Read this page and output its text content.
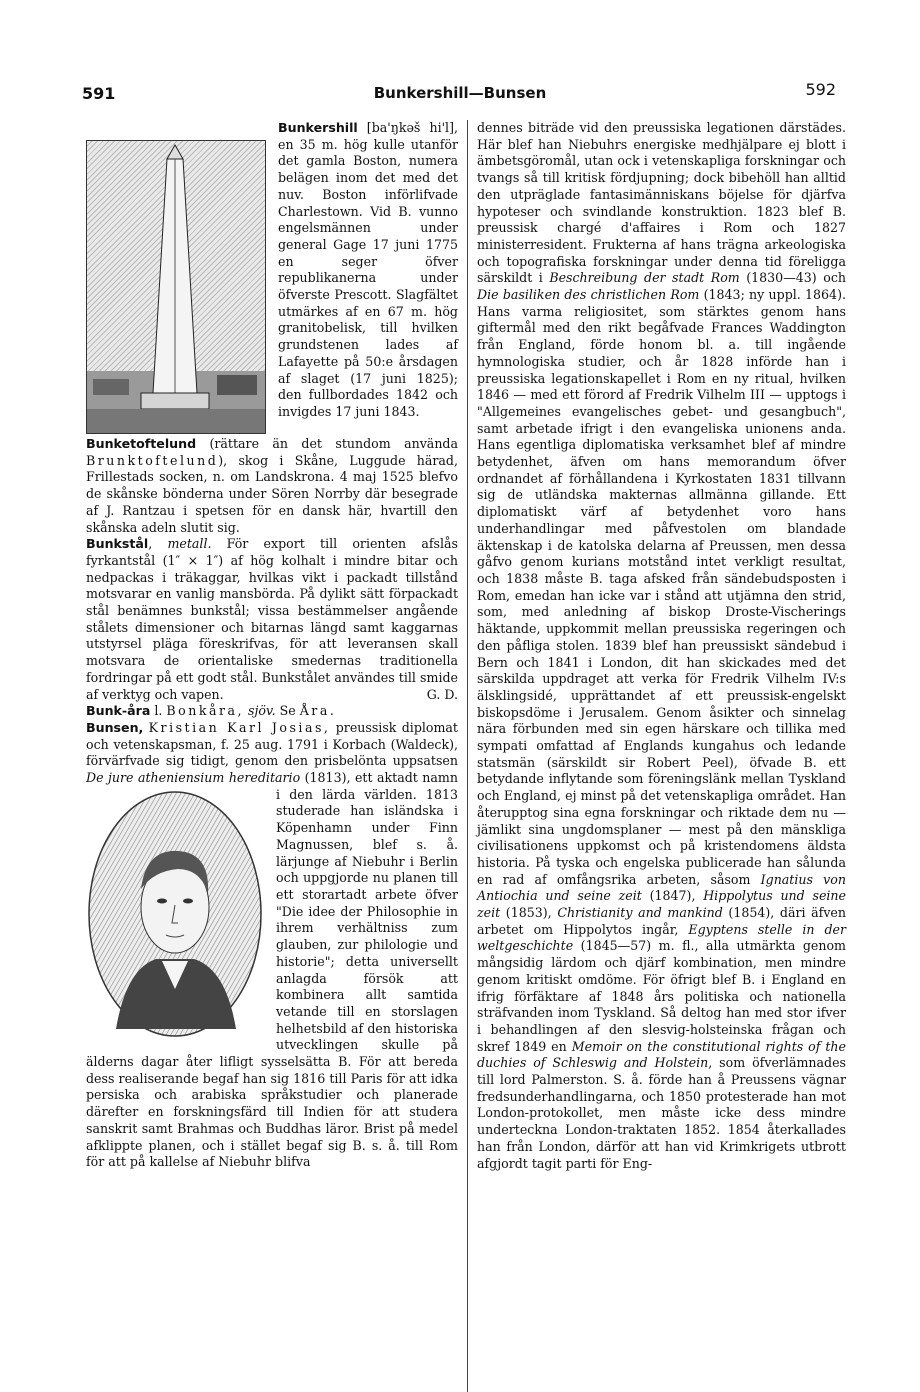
591	Bunkershill—Bunsen	592
Bunkershill [ba'ŋkəš hi'l], en 35 m. hög kulle utanför det gamla Boston, numera belägen inom det med det nuv. Boston införlifvade Charlestown. Vid B. vunno engelsmännen under general Gage 17 juni 1775 en seger öfver republikanerna under öfverste Prescott. Slagfältet utmärkes af en 67 m. hög granitobelisk, till hvilken grundstenen lades af Lafayette på 50:e årsdagen af slaget (17 juni 1825); den fullbordades 1842 och invigdes 17 juni 1843.
Bunketoftelund (rättare än det stundom använda Brunktoftelund), skog i Skåne, Luggude härad, Frillestads socken, n. om Landskrona. 4 maj 1525 blefvo de skånske bönderna under Sören Norrby där besegrade af J. Rantzau i spetsen för en dansk här, hvartill den skånska adeln slutit sig.
Bunkstål, metall. För export till orienten afslås fyrkantstål (1″ × 1″) af hög kolhalt i mindre bitar och nedpackas i träkaggar, hvilkas vikt i packadt tillstånd motsvarar en vanlig mansbörda. På dylikt sätt förpackadt stål benämnes bunkstål; vissa bestämmelser angående stålets dimensioner och bitarnas längd samt kaggarnas utstyrsel pläga föreskrifvas, för att leveransen skall motsvara de orientaliske smedernas traditionella fordringar på ett godt stål. Bunkstålet användes till smide af verktyg och vapen.	G. D.
Bunk-åra l. Bonkåra, sjöv. Se Åra.
Bunsen, Kristian Karl Josias, preussisk diplomat och vetenskapsman, f. 25 aug. 1791 i Korbach (Waldeck), förvärfvade sig tidigt, genom den prisbelönta uppsatsen De jure atheniensium hereditario
(1813), ett aktadt namn i den lärda världen. 1813 studerade han isländska i Köpenhamn under Finn Magnussen, blef s. å. lärjunge af Niebuhr i Berlin och uppgjorde nu planen till ett storartadt arbete öfver "Die idee der Philosophie in ihrem verhältniss zum glauben, zur philologie und historie"; detta universellt anlagda försök att kombinera allt samtida vetande till en storslagen helhetsbild af den historiska utvecklingen skulle på älderns dagar åter lifligt sysselsätta B. För att bereda dess realiserande begaf han sig 1816 till Paris för att idka persiska och arabiska språkstudier och planerade därefter en forskningsfärd till Indien för att studera sanskrit samt Brahmas och Buddhas läror. Brist på medel afklippte planen, och i stället begaf sig B. s. å. till Rom för att på kallelse af Niebuhr blifva
dennes biträde vid den preussiska legationen därstädes. Här blef han Niebuhrs energiske medhjälpare ej blott i ämbetsgöromål, utan ock i vetenskapliga forskningar och tvangs så till kritisk fördjupning; dock bibehöll han alltid den utpräglade fantasimänniskans böjelse för djärfva hypoteser och svindlande konstruktion. 1823 blef B. preussisk chargé d'affaires i Rom och 1827 ministerresident. Frukterna af hans trägna arkeologiska och topografiska forskningar under denna tid föreligga särskildt i Beschreibung der stadt Rom (1830—43) och Die basiliken des christlichen Rom (1843; ny uppl. 1864). Hans varma religiositet, som stärktes genom hans giftermål med den rikt begåfvade Frances Waddington från England, förde honom bl. a. till ingående hymnologiska studier, och år 1828 införde han i preussiska legationskapellet i Rom en ny ritual, hvilken 1846 — med ett förord af Fredrik Vilhelm III — upptogs i "Allgemeines evangelisches gebet- und gesangbuch", samt arbetade ifrigt i den evangeliska unionens anda. Hans egentliga diplomatiska verksamhet blef af mindre betydenhet, äfven om hans memorandum öfver ordnandet af förhållandena i Kyrkostaten 1831 tillvann sig de utländska makternas allmänna gillande. Ett diplomatiskt värf af betydenhet voro hans underhandlingar med påfvestolen om blandade äktenskap i de katolska delarna af Preussen, men dessa gåfvo genom kurians motstånd intet verkligt resultat, och 1838 måste B. taga afsked från sändebudsposten i Rom, emedan han icke var i stånd att utjämna den strid, som, med anledning af biskop Droste-Vischerings häktande, uppkommit mellan preussiska regeringen och den påfliga stolen. 1839 blef han preussiskt sändebud i Bern och 1841 i London, dit han skickades med det särskilda uppdraget att verka för Fredrik Vilhelm IV:s älsklingsidé, upprättandet af ett preussisk-engelskt biskopsdöme i Jerusalem. Genom åsikter och sinnelag nära förbunden med sin egen härskare och tillika med sympati omfattad af Englands kungahus och ledande statsmän (särskildt sir Robert Peel), öfvade B. ett betydande inflytande som föreningslänk mellan Tyskland och England, ej minst på det vetenskapliga området. Han återupptog sina egna forskningar och riktade dem nu — jämlikt sina ungdomsplaner — mest på den mänskliga civilisationens uppkomst och på kristendomens äldsta historia. På tyska och engelska publicerade han sålunda en rad af omfångsrika arbeten, såsom Ignatius von Antiochia und seine zeit (1847), Hippolytus und seine zeit (1853), Christianity and mankind (1854), däri äfven arbetet om Hippolytos ingår, Egyptens stelle in der weltgeschichte (1845—57) m. fl., alla utmärkta genom mångsidig lärdom och djärf kombination, men mindre genom kritiskt omdöme. För öfrigt blef B. i England en ifrig förfäktare af 1848 års politiska och nationella sträfvanden inom Tyskland. Så deltog han med stor ifver i behandlingen af den slesvig-holsteinska frågan och skref 1849 en Memoir on the constitutional rights of the duchies of Schleswig and Holstein, som öfverlämnades till lord Palmerston. S. å. förde han å Preussens vägnar fredsunderhandlingarna, och 1850 protesterade han mot London-protokollet, men måste icke dess mindre underteckna London-traktaten 1852. 1854 återkallades han från London, därför att han vid Krimkrigets utbrott afgjordt tagit parti för Eng-
